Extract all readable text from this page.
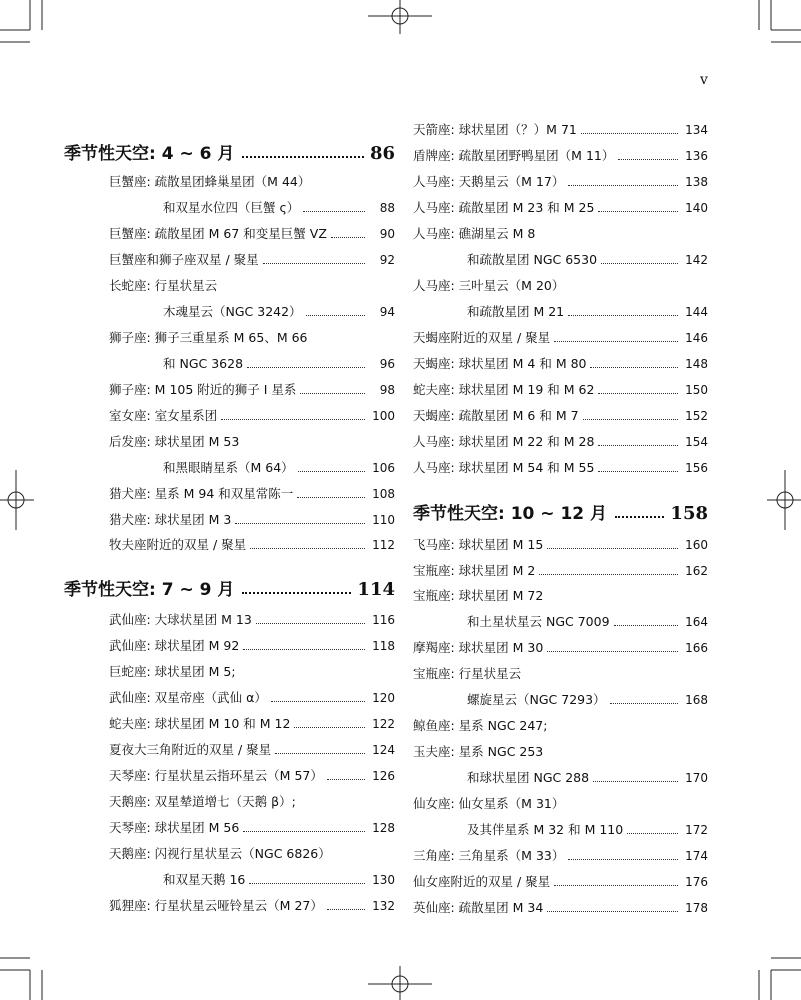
v
季节性天空: 4 ~ 6 月	86
巨蟹座: 疏散星团蜂巢星团（M 44）
和双星水位四（巨蟹 ς）	88
巨蟹座: 疏散星团 M 67 和变星巨蟹 VZ	90
巨蟹座和狮子座双星 / 聚星	92
长蛇座: 行星状星云
木魂星云（NGC 3242）	94
狮子座: 狮子三重星系 M 65、M 66
和 NGC 3628	96
狮子座: M 105 附近的狮子 I 星系	98
室女座: 室女星系团	100
后发座: 球状星团 M 53
和黑眼睛星系（M 64）	106
猎犬座: 星系 M 94 和双星常陈一	108
猎犬座: 球状星团 M 3	110
牧夫座附近的双星 / 聚星	112
季节性天空: 7 ~ 9 月	114
武仙座: 大球状星团 M 13	116
武仙座: 球状星团 M 92	118
巨蛇座: 球状星团 M 5;
武仙座: 双星帝座（武仙 α）	120
蛇夫座: 球状星团 M 10 和 M 12	122
夏夜大三角附近的双星 / 聚星	124
天琴座: 行星状星云指环星云（M 57）	126
天鹅座: 双星辇道增七（天鹅 β）;
天琴座: 球状星团 M 56	128
天鹅座: 闪视行星状星云（NGC 6826）
和双星天鹅 16	130
狐狸座: 行星状星云哑铃星云（M 27）	132
天箭座: 球状星团（？）M 71	134
盾牌座: 疏散星团野鸭星团（M 11）	136
人马座: 天鹅星云（M 17）	138
人马座: 疏散星团 M 23 和 M 25	140
人马座: 礁湖星云 M 8
和疏散星团 NGC 6530	142
人马座: 三叶星云（M 20）
和疏散星团 M 21	144
天蝎座附近的双星 / 聚星	146
天蝎座: 球状星团 M 4 和 M 80	148
蛇夫座: 球状星团 M 19 和 M 62	150
天蝎座: 疏散星团 M 6 和 M 7	152
人马座: 球状星团 M 22 和 M 28	154
人马座: 球状星团 M 54 和 M 55	156
季节性天空: 10 ~ 12 月	158
飞马座: 球状星团 M 15	160
宝瓶座: 球状星团 M 2	162
宝瓶座: 球状星团 M 72
和土星状星云 NGC 7009	164
摩羯座: 球状星团 M 30	166
宝瓶座: 行星状星云
螺旋星云（NGC 7293）	168
鲸鱼座: 星系 NGC 247;
玉夫座: 星系 NGC 253
和球状星团 NGC 288	170
仙女座: 仙女星系（M 31）
及其伴星系 M 32 和 M 110	172
三角座: 三角星系（M 33）	174
仙女座附近的双星 / 聚星	176
英仙座: 疏散星团 M 34	178
